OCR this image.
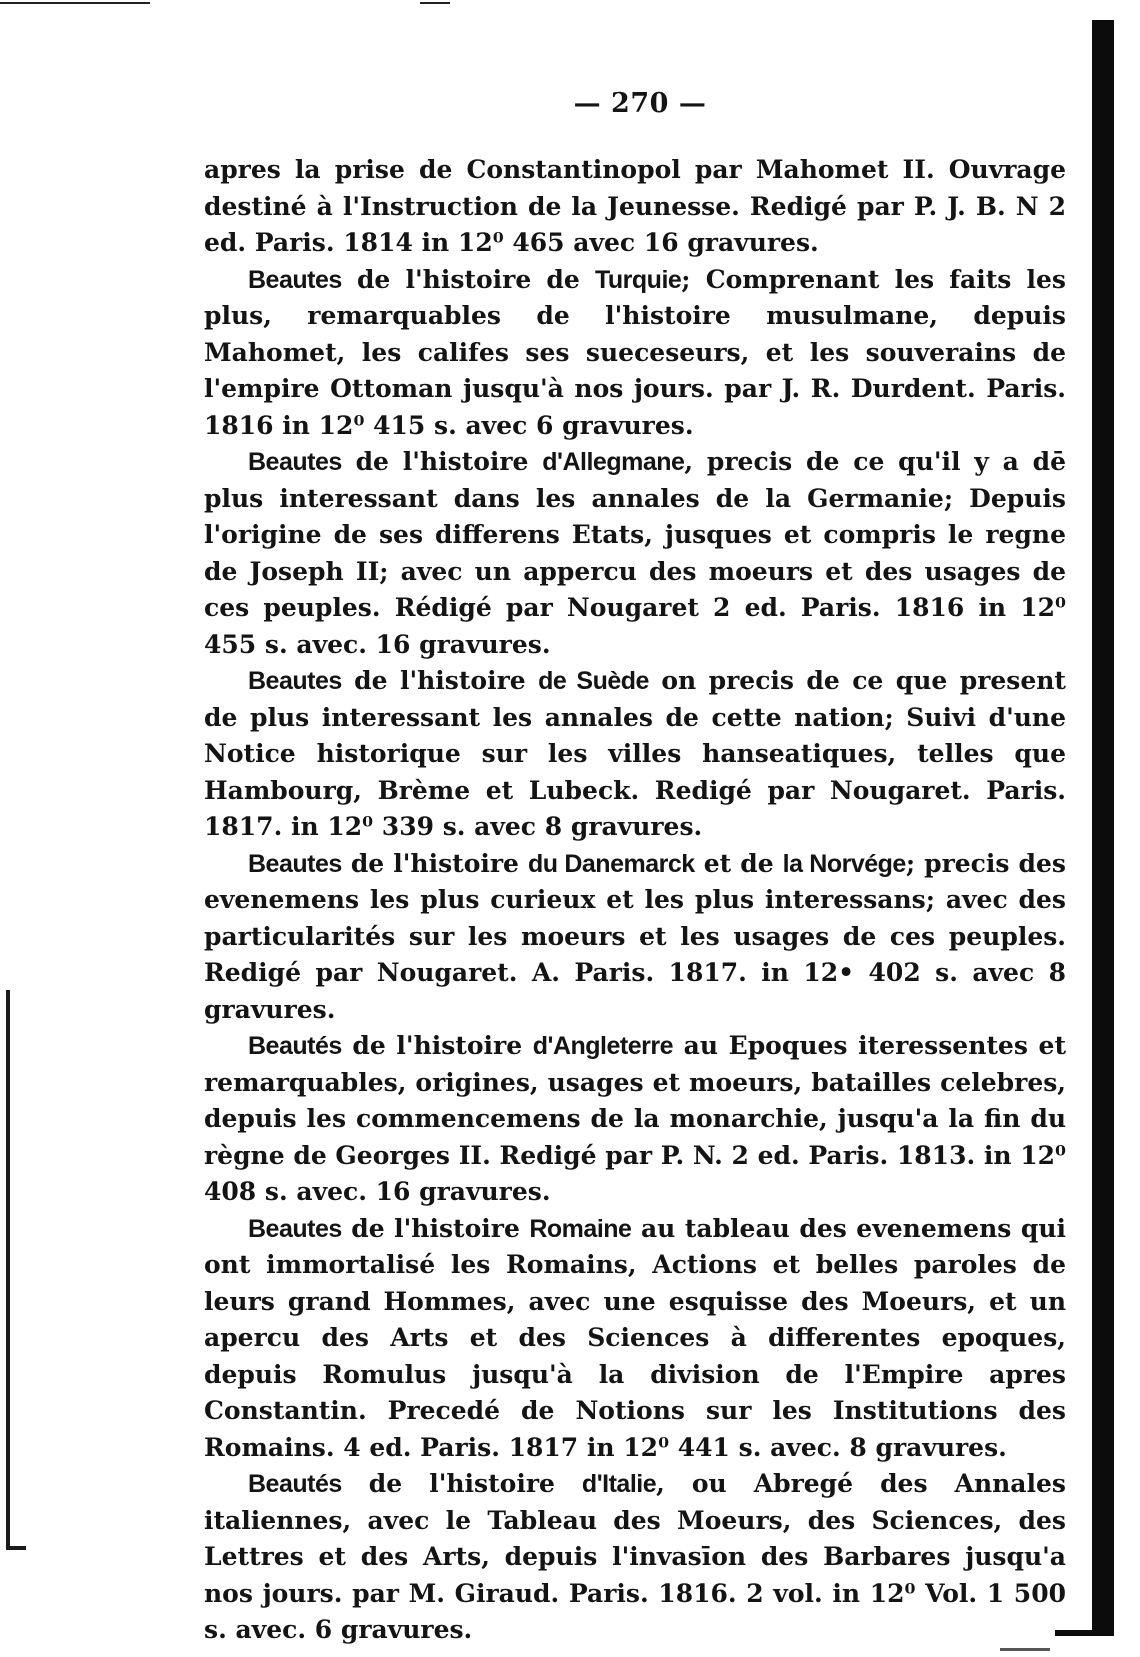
— 270 —

apres la prise de Constantinopol par Mahomet II. Ouvrage destiné à l'Instruction de la Jeunesse. Redigé par P. J. B. N 2 ed. Paris. 1814 in 12⁰ 465 avec 16 gravures.

Beautes de l'histoire de Turquie; Comprenant les faits les plus, remarquables de l'histoire musulmane, depuis Mahomet, les califes ses sueceseurs, et les souverains de l'empire Ottoman jusqu'à nos jours. par J. R. Durdent. Paris. 1816 in 12⁰ 415 s. avec 6 gravures.

Beautes de l'histoire d'Allegmane, precis de ce qu'il y a dē plus interessant dans les annales de la Germanie; Depuis l'origine de ses differens Etats, jusques et compris le regne de Joseph II; avec un appercu des moeurs et des usages de ces peuples. Rédigé par Nougaret 2 ed. Paris. 1816 in 12⁰ 455 s. avec. 16 gravures.

Beautes de l'histoire de Suède on precis de ce que present de plus interessant les annales de cette nation; Suivi d'une Notice historique sur les villes hanseatiques, telles que Hambourg, Brème et Lubeck. Redigé par Nougaret. Paris. 1817. in 12⁰ 339 s. avec 8 gravures.

Beautes de l'histoire du Danemarck et de la Norvége; precis des evenemens les plus curieux et les plus interessans; avec des particularités sur les moeurs et les usages de ces peuples. Redigé par Nougaret. A. Paris. 1817. in 12• 402 s. avec 8 gravures.

Beautés de l'histoire d'Angleterre au Epoques iteressentes et remarquables, origines, usages et moeurs, batailles celebres, depuis les commencemens de la monarchie, jusqu'a la fin du règne de Georges II. Redigé par P. N. 2 ed. Paris. 1813. in 12⁰ 408 s. avec. 16 gravures.

Beautes de l'histoire Romaine au tableau des evenemens qui ont immortalisé les Romains, Actions et belles paroles de leurs grand Hommes, avec une esquisse des Moeurs, et un apercu des Arts et des Sciences à differentes epoques, depuis Romulus jusqu'à la division de l'Empire apres Constantin. Precedé de Notions sur les Institutions des Romains. 4 ed. Paris. 1817 in 12⁰ 441 s. avec. 8 gravures.

Beautés de l'histoire d'Italie, ou Abregé des Annales italiennes, avec le Tableau des Moeurs, des Sciences, des Lettres et des Arts, depuis l'invasīon des Barbares jusqu'a nos jours. par M. Giraud. Paris. 1816. 2 vol. in 12⁰ Vol. 1 500 s. avec. 6 gravures.
